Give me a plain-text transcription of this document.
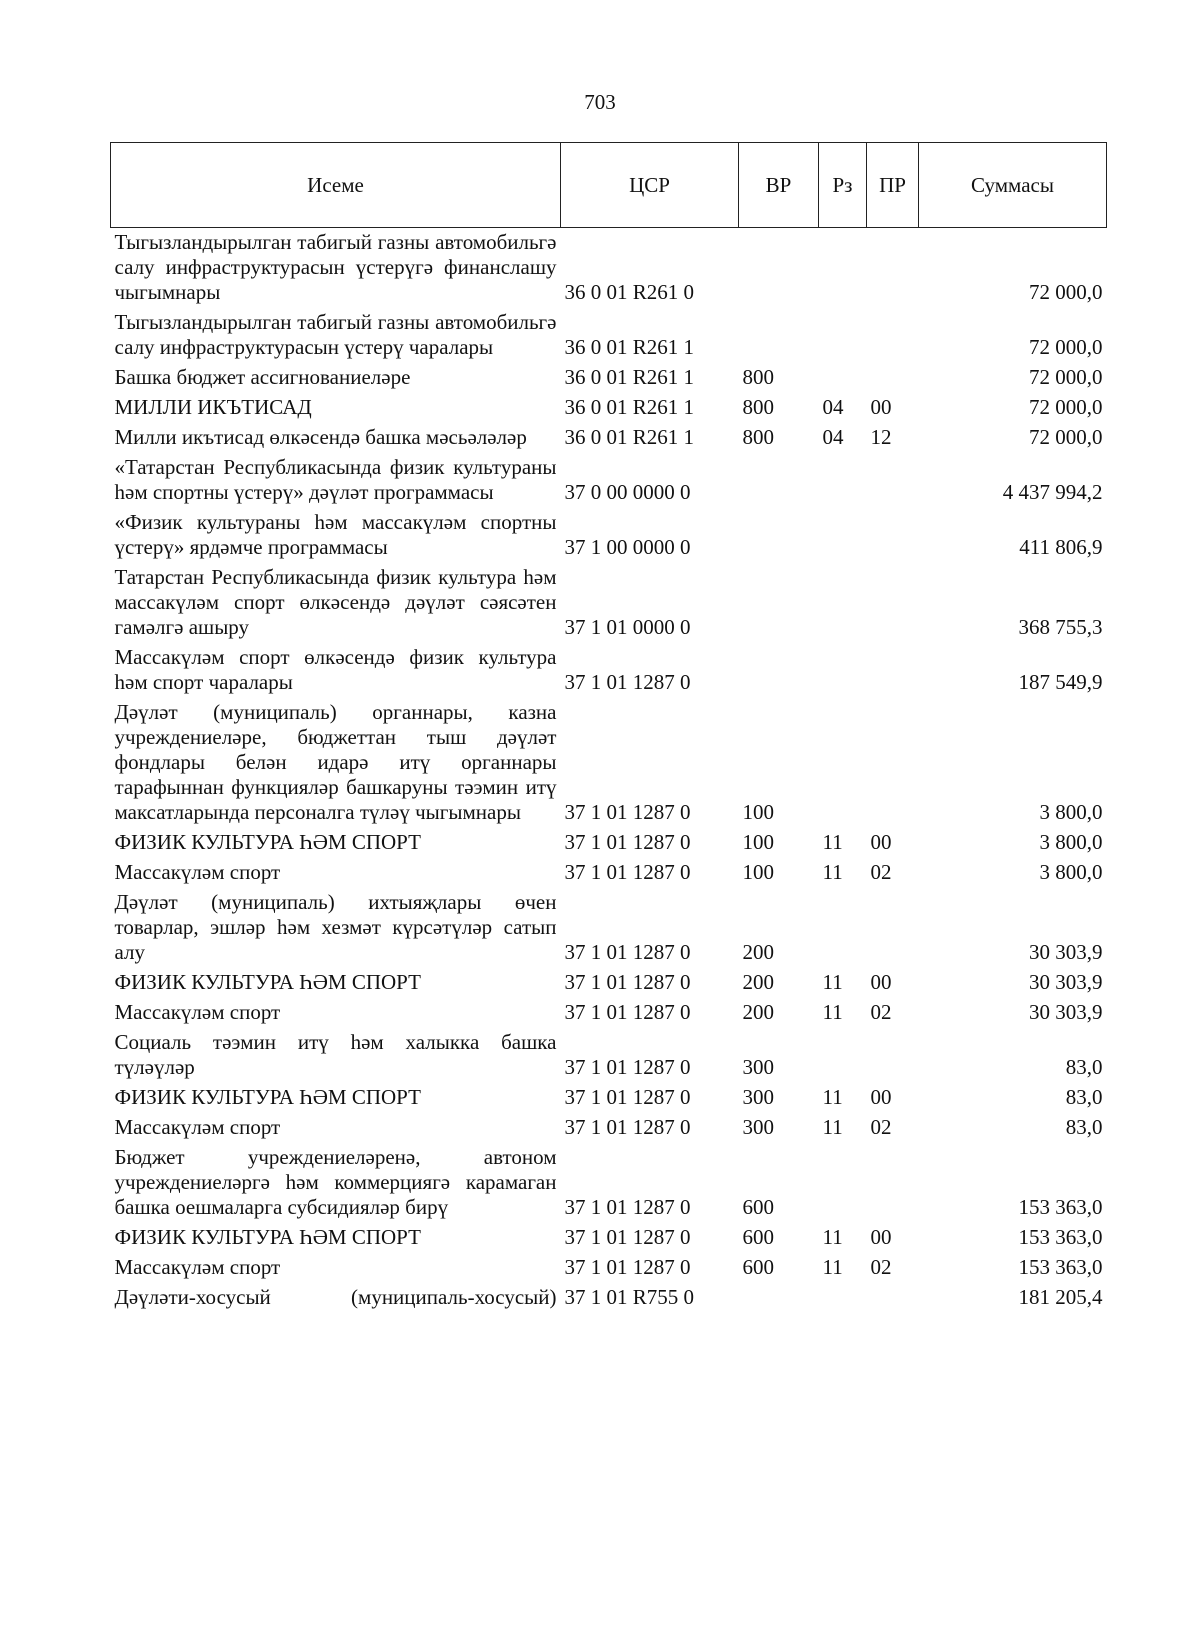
703
Исеме	ЦСР	ВР	Рз	ПР	Суммасы
Тыгызландырылган табигый газны автомобильгә салу инфраструктурасын үстерүгә финанслашу чыгымнары	36 0 01 R261 0				72 000,0
Тыгызландырылган табигый газны автомобильгә салу инфраструктурасын үстерү чаралары	36 0 01 R261 1				72 000,0
Башка бюджет ассигнованиеләре	36 0 01 R261 1	800			72 000,0
МИЛЛИ ИКЪТИСАД	36 0 01 R261 1	800	04	00	72 000,0
Милли икътисад өлкәсендә башка мәсьәләләр	36 0 01 R261 1	800	04	12	72 000,0
«Татарстан Республикасында физик культураны һәм спортны үстерү» дәүләт программасы	37 0 00 0000 0				4 437 994,2
«Физик культураны һәм массакүләм спортны үстерү» ярдәмче программасы	37 1 00 0000 0				411 806,9
Татарстан Республикасында физик культура һәм массакүләм спорт өлкәсендә дәүләт сәясәтен гамәлгә ашыру	37 1 01 0000 0				368 755,3
Массакүләм спорт өлкәсендә физик культура һәм спорт чаралары	37 1 01 1287 0				187 549,9
Дәүләт (муниципаль) органнары, казна учреждениеләре, бюджеттан тыш дәүләт фондлары белән идарә итү органнары тарафыннан функцияләр башкаруны тәэмин итү максатларында персоналга түләү чыгымнары	37 1 01 1287 0	100			3 800,0
ФИЗИК КУЛЬТУРА ҺӘМ СПОРТ	37 1 01 1287 0	100	11	00	3 800,0
Массакүләм спорт	37 1 01 1287 0	100	11	02	3 800,0
Дәүләт (муниципаль) ихтыяҗлары өчен товарлар, эшләр һәм хезмәт күрсәтүләр сатып алу	37 1 01 1287 0	200			30 303,9
ФИЗИК КУЛЬТУРА ҺӘМ СПОРТ	37 1 01 1287 0	200	11	00	30 303,9
Массакүләм спорт	37 1 01 1287 0	200	11	02	30 303,9
Социаль тәэмин итү һәм халыкка башка түләүләр	37 1 01 1287 0	300			83,0
ФИЗИК КУЛЬТУРА ҺӘМ СПОРТ	37 1 01 1287 0	300	11	00	83,0
Массакүләм спорт	37 1 01 1287 0	300	11	02	83,0
Бюджет учреждениеләренә, автоном учреждениеләргә һәм коммерциягә карамаган башка оешмаларга субсидияләр бирү	37 1 01 1287 0	600			153 363,0
ФИЗИК КУЛЬТУРА ҺӘМ СПОРТ	37 1 01 1287 0	600	11	00	153 363,0
Массакүләм спорт	37 1 01 1287 0	600	11	02	153 363,0
Дәүләти-хосусый (муниципаль-хосусый)	37 1 01 R755 0				181 205,4
